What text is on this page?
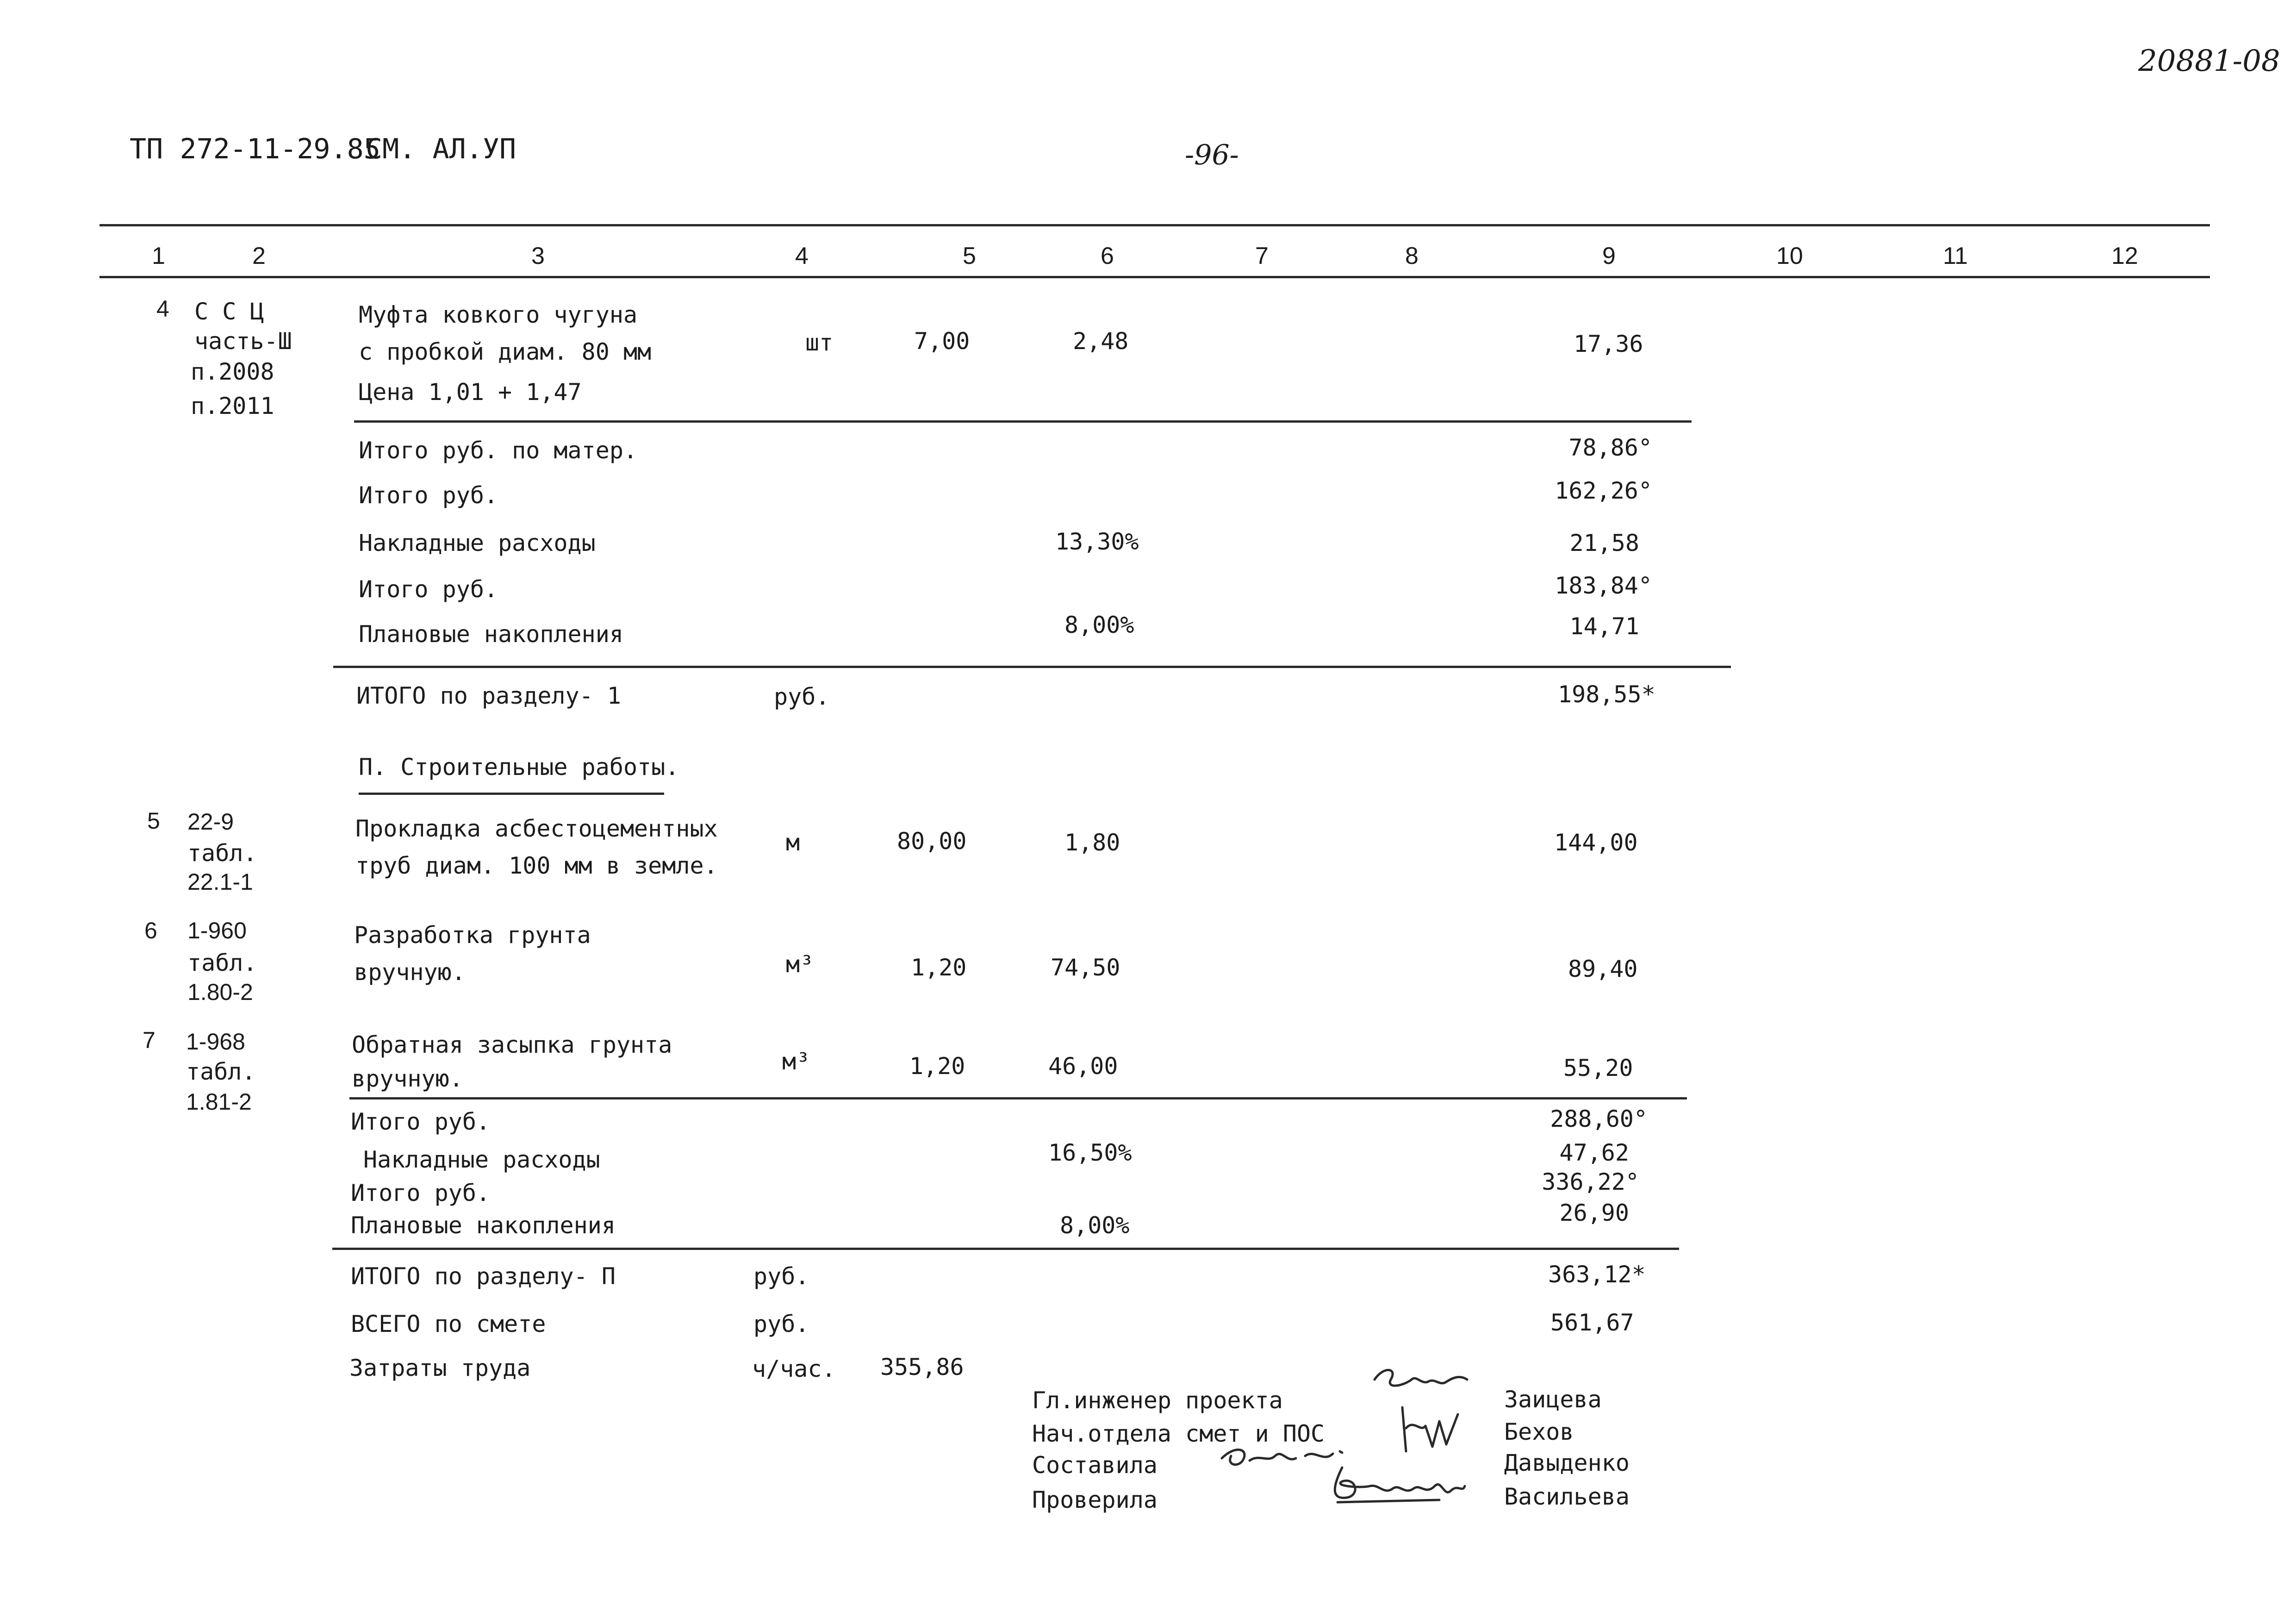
20881-08
ТП 272-11-29.85
СМ. АЛ.УП	-96-
1	2	3	4	5	6	7	8	9	10	11	12
4 С С Ц
часть-Ш
п.2008
п.2011
Муфта ковкого чугуна
с пробкой диам. 80 мм
Цена 1,01 + 1,47
шт	7,00	2,48	17,36
Итого руб. по матер.	78,86°
Итого руб.	162,26°
Накладные расходы	13,30%	21,58
Итого руб.	183,84°
Плановые накопления	8,00%	14,71
ИТОГО по разделу- 1	руб.	198,55*
П. Строительные работы.
5 22-9
табл.
22.1-1
Прокладка асбестоцементных
труб диам. 100 мм в земле.
м	80,00	1,80	144,00
6 1-960
табл.
1.80-2
Разработка грунта
вручную.	м³	1,20	74,50	89,40
7 1-968
табл.
1.81-2
Обратная засыпка грунта
вручную.
м³	1,20	46,00	55,20
Итого руб.	288,60°
Накладные расходы	16,50%	47,62
Итого руб.	336,22°
Плановые накопления	8,00%	26,90
ИТОГО по разделу- П	руб.	363,12*
ВСЕГО по смете	руб.	561,67
Затраты труда	ч/час. 355,86
Гл.инженер проекта	Заицева
Нач.отдела смет и ПОС	Бехов
Составила	Давыденко
Проверила	Васильева
